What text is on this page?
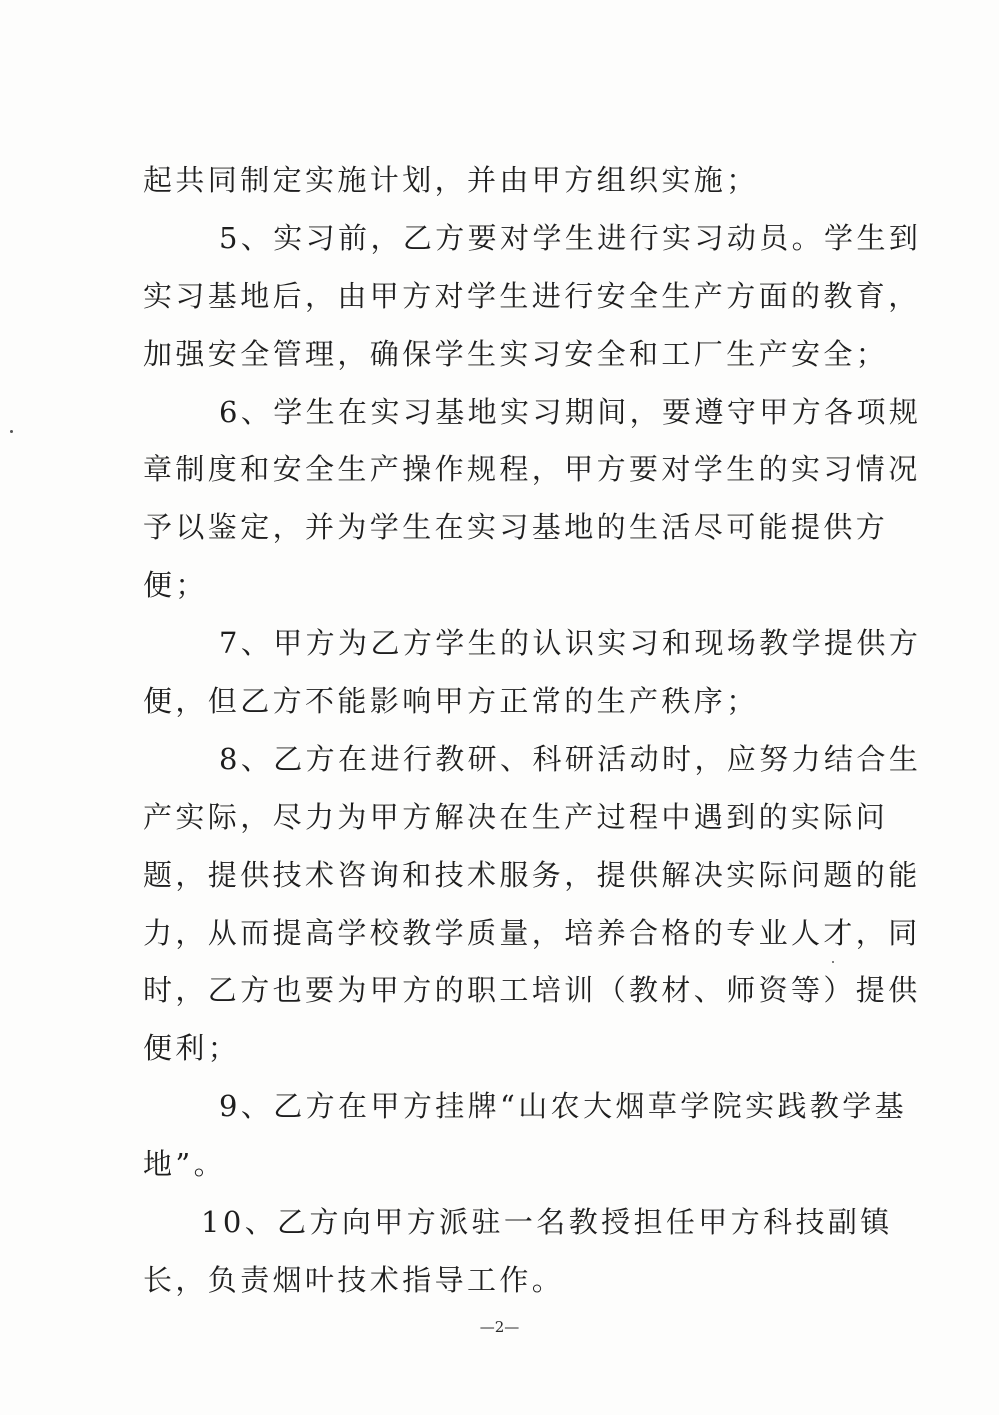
起共同制定实施计划，并由甲方组织实施；
5、实习前，乙方要对学生进行实习动员。学生到
实习基地后，由甲方对学生进行安全生产方面的教育，
加强安全管理，确保学生实习安全和工厂生产安全；
6、学生在实习基地实习期间，要遵守甲方各项规
章制度和安全生产操作规程，甲方要对学生的实习情况
予以鉴定，并为学生在实习基地的生活尽可能提供方
便；
7、甲方为乙方学生的认识实习和现场教学提供方
便，但乙方不能影响甲方正常的生产秩序；
8、乙方在进行教研、科研活动时，应努力结合生
产实际，尽力为甲方解决在生产过程中遇到的实际问
题，提供技术咨询和技术服务，提供解决实际问题的能
力，从而提高学校教学质量，培养合格的专业人才，同
时，乙方也要为甲方的职工培训（教材、师资等）提供
便利；
9、乙方在甲方挂牌“山农大烟草学院实践教学基
地”。
10、乙方向甲方派驻一名教授担任甲方科技副镇
长，负责烟叶技术指导工作。
—2—
